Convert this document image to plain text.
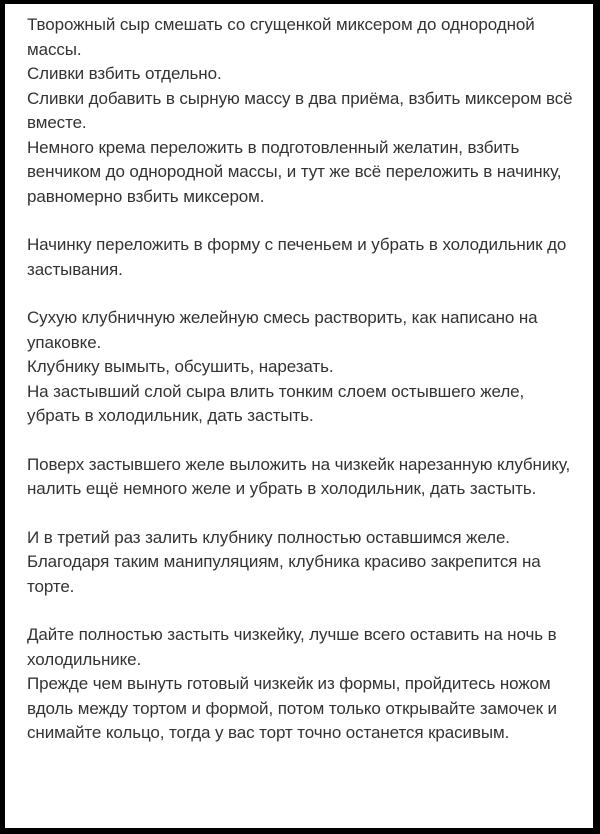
Творожный сыр смешать со сгущенкой миксером до однородной массы.

Сливки взбить отдельно.

Сливки добавить в сырную массу в два приёма, взбить миксером всё вместе.

Немного крема переложить в подготовленный желатин, взбить венчиком до однородной массы, и тут же всё переложить в начинку, равномерно взбить миксером.

Начинку переложить в форму с печеньем и убрать в холодильник до застывания.

Сухую клубничную желейную смесь растворить, как написано на упаковке.

Клубнику вымыть, обсушить, нарезать.

На застывший слой сыра влить тонким слоем остывшего желе, убрать в холодильник, дать застыть.

Поверх застывшего желе выложить на чизкейк нарезанную клубнику, налить ещё немного желе и убрать в холодильник, дать застыть.

И в третий раз залить клубнику полностью оставшимся желе.

Благодаря таким манипуляциям, клубника красиво закрепится на торте.

Дайте полностью застыть чизкейку, лучше всего оставить на ночь в холодильнике.

Прежде чем вынуть готовый чизкейк из формы, пройдитесь ножом вдоль между тортом и формой, потом только открывайте замочек и снимайте кольцо, тогда у вас торт точно останется красивым.
